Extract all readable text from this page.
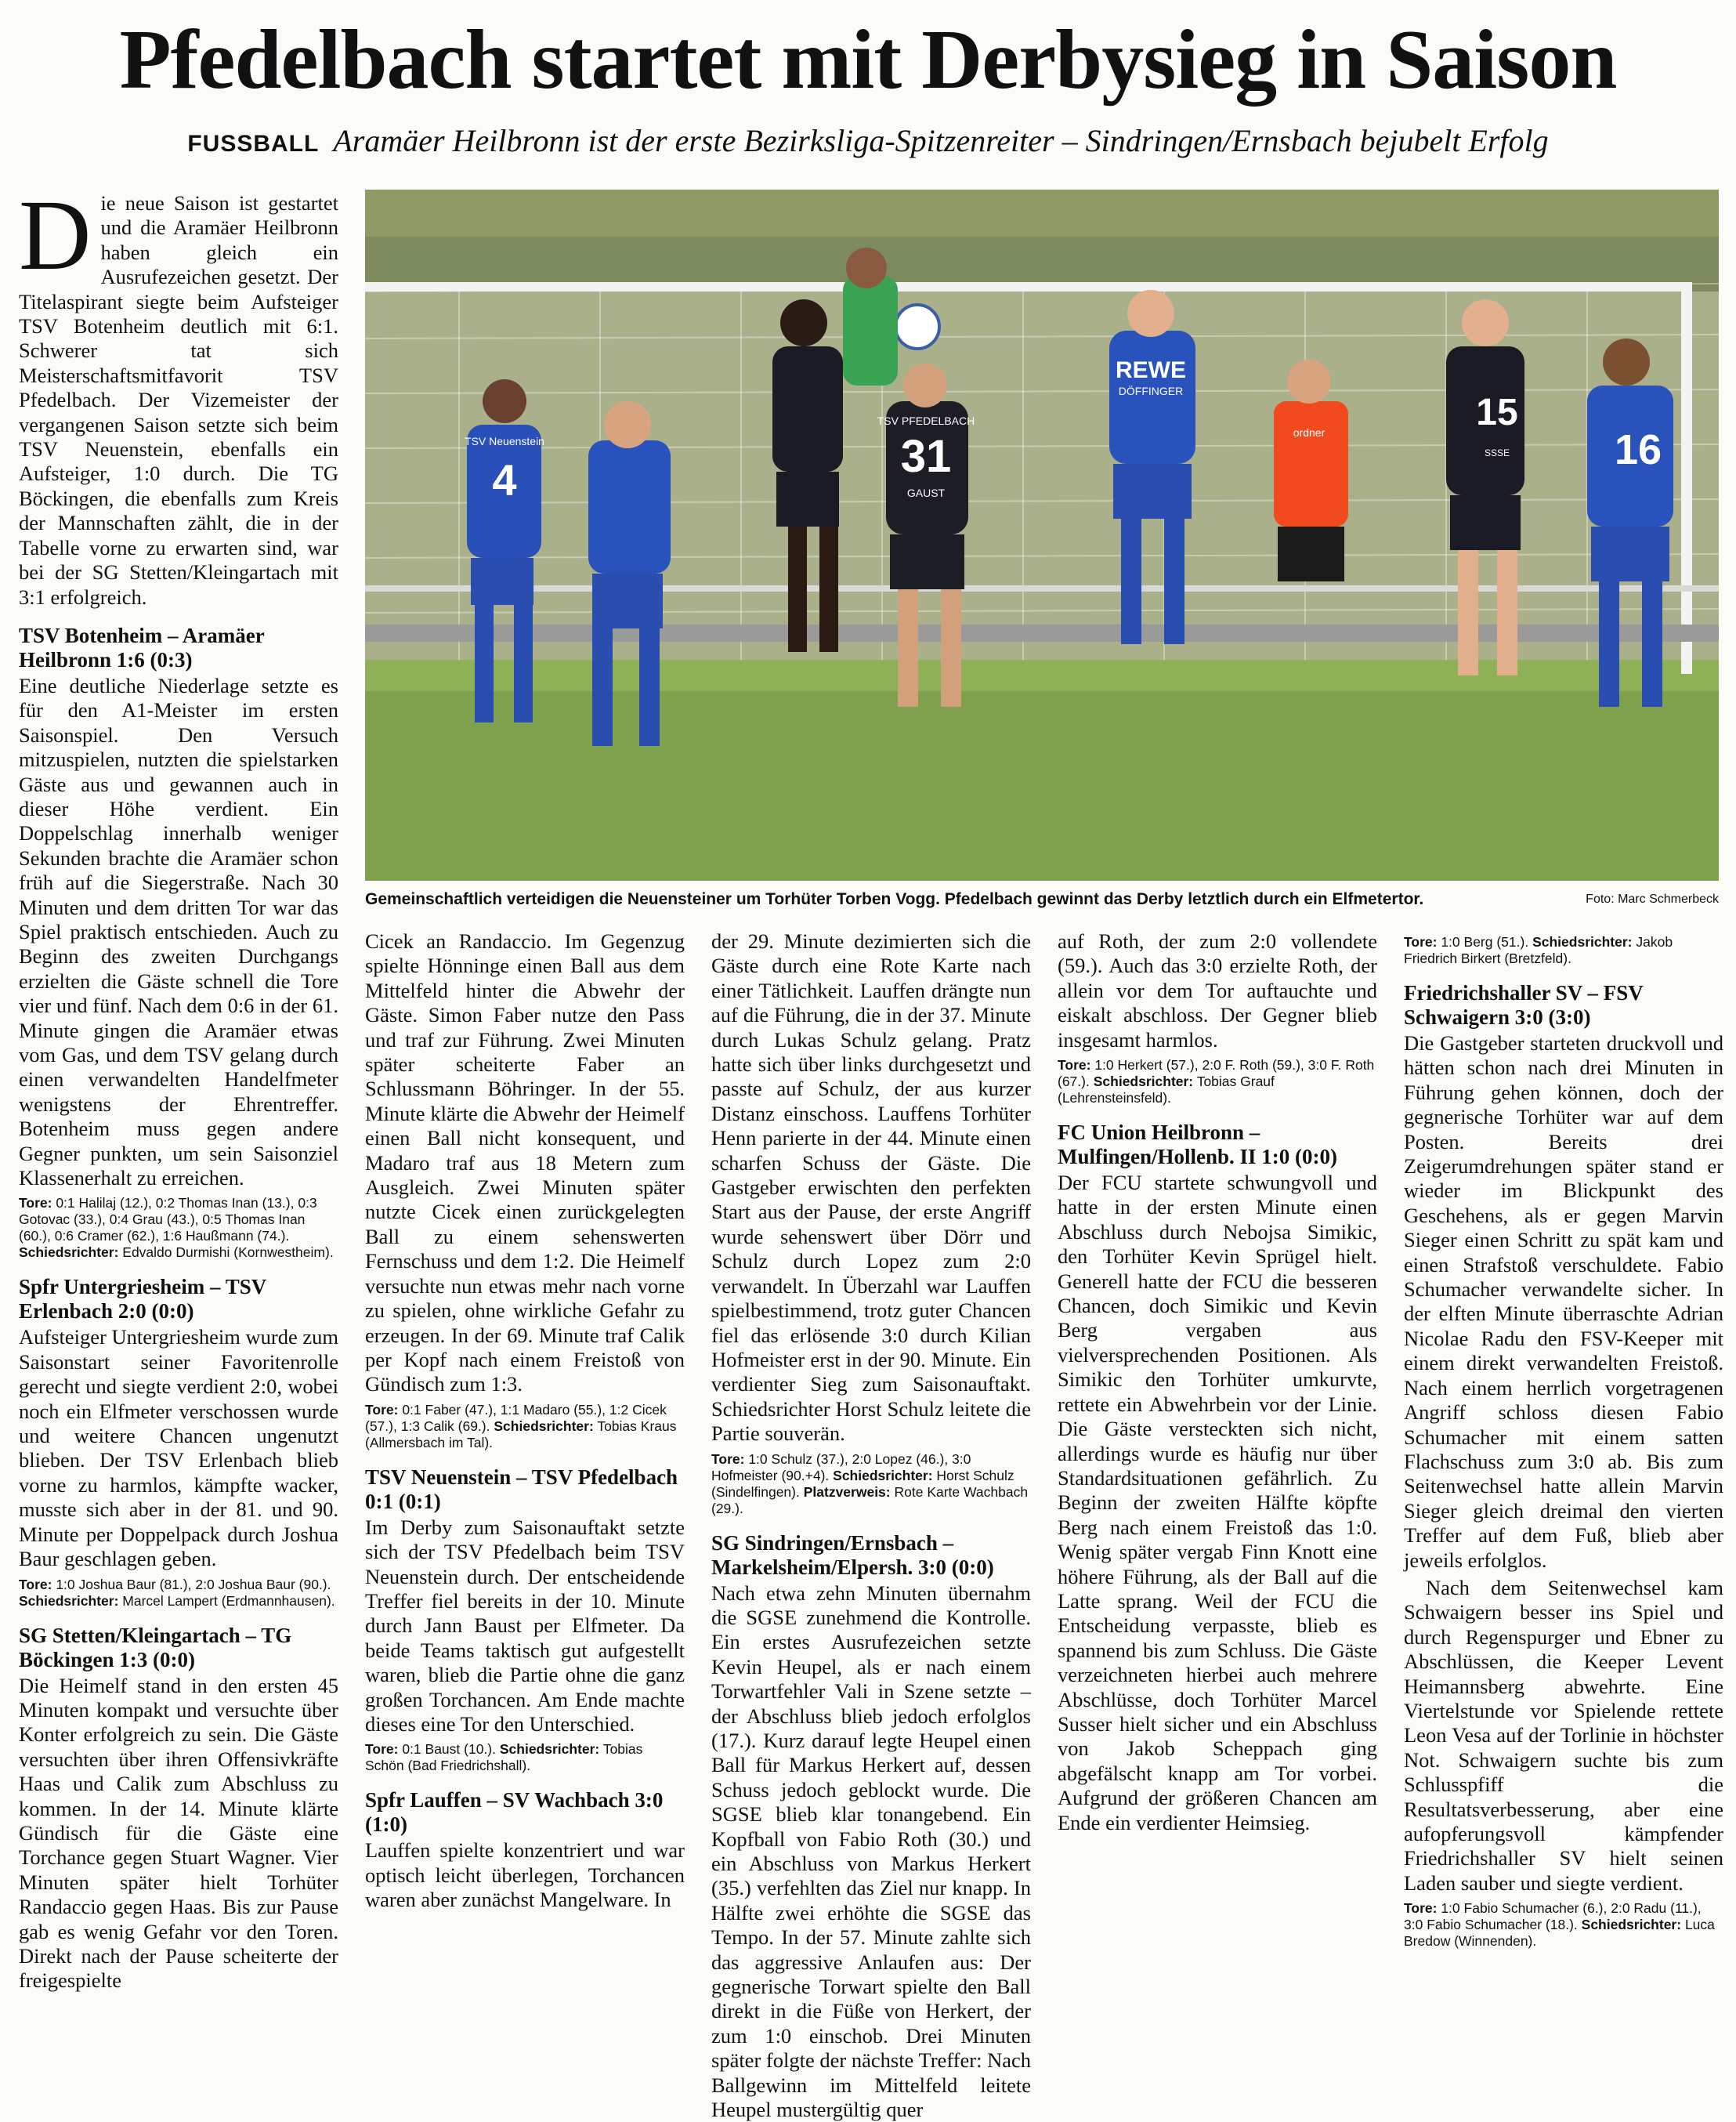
Pfedelbach startet mit Derbysieg in Saison
FUSSBALL Aramäer Heilbronn ist der erste Bezirksliga-Spitzenreiter – Sindringen/Ernsbach bejubelt Erfolg

Die neue Saison ist gestartet und die Aramäer Heilbronn haben gleich ein Ausrufezeichen gesetzt. Der Titelaspirant siegte beim Aufsteiger TSV Botenheim deutlich mit 6:1. Schwerer tat sich Meisterschaftsmitfavorit TSV Pfedelbach. Der Vizemeister der vergangenen Saison setzte sich beim TSV Neuenstein, ebenfalls ein Aufsteiger, 1:0 durch. Die TG Böckingen, die ebenfalls zum Kreis der Mannschaften zählt, die in der Tabelle vorne zu erwarten sind, war bei der SG Stetten/Kleingartach mit 3:1 erfolgreich.

TSV Botenheim – Aramäer Heilbronn 1:6 (0:3)

Eine deutliche Niederlage setzte es für den A1-Meister im ersten Saisonspiel. Den Versuch mitzuspielen, nutzten die spielstarken Gäste aus und gewannen auch in dieser Höhe verdient. Ein Doppelschlag innerhalb weniger Sekunden brachte die Aramäer schon früh auf die Siegerstraße. Nach 30 Minuten und dem dritten Tor war das Spiel praktisch entschieden. Auch zu Beginn des zweiten Durchgangs erzielten die Gäste schnell die Tore vier und fünf. Nach dem 0:6 in der 61. Minute gingen die Aramäer etwas vom Gas, und dem TSV gelang durch einen verwandelten Handelfmeter wenigstens der Ehrentreffer. Botenheim muss gegen andere Gegner punkten, um sein Saisonziel Klassenerhalt zu erreichen.

Tore: 0:1 Halilaj (12.), 0:2 Thomas Inan (13.), 0:3 Gotovac (33.), 0:4 Grau (43.), 0:5 Thomas Inan (60.), 0:6 Cramer (62.), 1:6 Haußmann (74.). Schiedsrichter: Edvaldo Durmishi (Kornwestheim).
Spfr Untergriesheim – TSV Erlenbach 2:0 (0:0)

Aufsteiger Untergriesheim wurde zum Saisonstart seiner Favoritenrolle gerecht und siegte verdient 2:0, wobei noch ein Elfmeter verschossen wurde und weitere Chancen ungenutzt blieben. Der TSV Erlenbach blieb vorne zu harmlos, kämpfte wacker, musste sich aber in der 81. und 90. Minute per Doppelpack durch Joshua Baur geschlagen geben.

Tore: 1:0 Joshua Baur (81.), 2:0 Joshua Baur (90.). Schiedsrichter: Marcel Lampert (Erdmannhausen).
SG Stetten/Kleingartach – TG Böckingen 1:3 (0:0)

Die Heimelf stand in den ersten 45 Minuten kompakt und versuchte über Konter erfolgreich zu sein. Die Gäste versuchten über ihren Offensivkräfte Haas und Calik zum Abschluss zu kommen. In der 14. Minute klärte Gündisch für die Gäste eine Torchance gegen Stuart Wagner. Vier Minuten später hielt Torhüter Randaccio gegen Haas. Bis zur Pause gab es wenig Gefahr vor den Toren. Direkt nach der Pause scheiterte der freigespielte

TSV Neuenstein
4
TSV PFEDELBACH
31
GAUST
REWE
DÖFFINGER
ordner	15
SSSE 16
Gemeinschaftlich verteidigen die Neuensteiner um Torhüter Torben Vogg. Pfedelbach gewinnt das Derby letztlich durch ein Elfmetertor.	Foto: Marc Schmerbeck

Cicek an Randaccio. Im Gegenzug spielte Hönninge einen Ball aus dem Mittelfeld hinter die Abwehr der Gäste. Simon Faber nutze den Pass und traf zur Führung. Zwei Minuten später scheiterte Faber an Schlussmann Böhringer. In der 55. Minute klärte die Abwehr der Heimelf einen Ball nicht konsequent, und Madaro traf aus 18 Metern zum Ausgleich. Zwei Minuten später nutzte Cicek einen zurückgelegten Ball zu einem sehenswerten Fernschuss und dem 1:2. Die Heimelf versuchte nun etwas mehr nach vorne zu spielen, ohne wirkliche Gefahr zu erzeugen. In der 69. Minute traf Calik per Kopf nach einem Freistoß von Gündisch zum 1:3.

Tore: 0:1 Faber (47.), 1:1 Madaro (55.), 1:2 Cicek (57.), 1:3 Calik (69.). Schiedsrichter: Tobias Kraus (Allmersbach im Tal).
TSV Neuenstein – TSV Pfedelbach 0:1 (0:1)

Im Derby zum Saisonauftakt setzte sich der TSV Pfedelbach beim TSV Neuenstein durch. Der entscheidende Treffer fiel bereits in der 10. Minute durch Jann Baust per Elfmeter. Da beide Teams taktisch gut aufgestellt waren, blieb die Partie ohne die ganz großen Torchancen. Am Ende machte dieses eine Tor den Unterschied.

Tore: 0:1 Baust (10.). Schiedsrichter: Tobias Schön (Bad Friedrichshall).
Spfr Lauffen – SV Wachbach 3:0 (1:0)

Lauffen spielte konzentriert und war optisch leicht überlegen, Torchancen waren aber zunächst Mangelware. In

der 29. Minute dezimierten sich die Gäste durch eine Rote Karte nach einer Tätlichkeit. Lauffen drängte nun auf die Führung, die in der 37. Minute durch Lukas Schulz gelang. Pratz hatte sich über links durchgesetzt und passte auf Schulz, der aus kurzer Distanz einschoss. Lauffens Torhüter Henn parierte in der 44. Minute einen scharfen Schuss der Gäste. Die Gastgeber erwischten den perfekten Start aus der Pause, der erste Angriff wurde sehenswert über Dörr und Schulz durch Lopez zum 2:0 verwandelt. In Überzahl war Lauffen spielbestimmend, trotz guter Chancen fiel das erlösende 3:0 durch Kilian Hofmeister erst in der 90. Minute. Ein verdienter Sieg zum Saisonauftakt. Schiedsrichter Horst Schulz leitete die Partie souverän.

Tore: 1:0 Schulz (37.), 2:0 Lopez (46.), 3:0 Hofmeister (90.+4). Schiedsrichter: Horst Schulz (Sindelfingen). Platzverweis: Rote Karte Wachbach (29.).
SG Sindringen/Ernsbach – Markelsheim/Elpersh. 3:0 (0:0)

Nach etwa zehn Minuten übernahm die SGSE zunehmend die Kontrolle. Ein erstes Ausrufezeichen setzte Kevin Heupel, als er nach einem Torwartfehler Vali in Szene setzte – der Abschluss blieb jedoch erfolglos (17.). Kurz darauf legte Heupel einen Ball für Markus Herkert auf, dessen Schuss jedoch geblockt wurde. Die SGSE blieb klar tonangebend. Ein Kopfball von Fabio Roth (30.) und ein Abschluss von Markus Herkert (35.) verfehlten das Ziel nur knapp. In Hälfte zwei erhöhte die SGSE das Tempo. In der 57. Minute zahlte sich das aggressive Anlaufen aus: Der gegnerische Torwart spielte den Ball direkt in die Füße von Herkert, der zum 1:0 einschob. Drei Minuten später folgte der nächste Treffer: Nach Ballgewinn im Mittelfeld leitete Heupel mustergültig quer

auf Roth, der zum 2:0 vollendete (59.). Auch das 3:0 erzielte Roth, der allein vor dem Tor auftauchte und eiskalt abschloss. Der Gegner blieb insgesamt harmlos.

Tore: 1:0 Herkert (57.), 2:0 F. Roth (59.), 3:0 F. Roth (67.). Schiedsrichter: Tobias Grauf (Lehrensteinsfeld).
FC Union Heilbronn – Mulfingen/Hollenb. II 1:0 (0:0)

Der FCU startete schwungvoll und hatte in der ersten Minute einen Abschluss durch Nebojsa Simikic, den Torhüter Kevin Sprügel hielt. Generell hatte der FCU die besseren Chancen, doch Simikic und Kevin Berg vergaben aus vielversprechenden Positionen. Als Simikic den Torhüter umkurvte, rettete ein Abwehrbein vor der Linie. Die Gäste versteckten sich nicht, allerdings wurde es häufig nur über Standardsituationen gefährlich. Zu Beginn der zweiten Hälfte köpfte Berg nach einem Freistoß das 1:0. Wenig später vergab Finn Knott eine höhere Führung, als der Ball auf die Latte sprang. Weil der FCU die Entscheidung verpasste, blieb es spannend bis zum Schluss. Die Gäste verzeichneten hierbei auch mehrere Abschlüsse, doch Torhüter Marcel Susser hielt sicher und ein Abschluss von Jakob Scheppach ging abgefälscht knapp am Tor vorbei. Aufgrund der größeren Chancen am Ende ein verdienter Heimsieg.

Tore: 1:0 Berg (51.). Schiedsrichter: Jakob Friedrich Birkert (Bretzfeld).
Friedrichshaller SV – FSV Schwaigern 3:0 (3:0)

Die Gastgeber starteten druckvoll und hätten schon nach drei Minuten in Führung gehen können, doch der gegnerische Torhüter war auf dem Posten. Bereits drei Zeigerumdrehungen später stand er wieder im Blickpunkt des Geschehens, als er gegen Marvin Sieger einen Schritt zu spät kam und einen Strafstoß verschuldete. Fabio Schumacher verwandelte sicher. In der elften Minute überraschte Adrian Nicolae Radu den FSV-Keeper mit einem direkt verwandelten Freistoß. Nach einem herrlich vorgetragenen Angriff schloss diesen Fabio Schumacher mit einem satten Flachschuss zum 3:0 ab. Bis zum Seitenwechsel hatte allein Marvin Sieger gleich dreimal den vierten Treffer auf dem Fuß, blieb aber jeweils erfolglos.

Nach dem Seitenwechsel kam Schwaigern besser ins Spiel und durch Regenspurger und Ebner zu Abschlüssen, die Keeper Levent Heimannsberg abwehrte. Eine Viertelstunde vor Spielende rettete Leon Vesa auf der Torlinie in höchster Not. Schwaigern suchte bis zum Schlusspfiff die Resultatsverbesserung, aber eine aufopferungsvoll kämpfender Friedrichshaller SV hielt seinen Laden sauber und siegte verdient.

Tore: 1:0 Fabio Schumacher (6.), 2:0 Radu (11.), 3:0 Fabio Schumacher (18.). Schiedsrichter: Luca Bredow (Winnenden).
